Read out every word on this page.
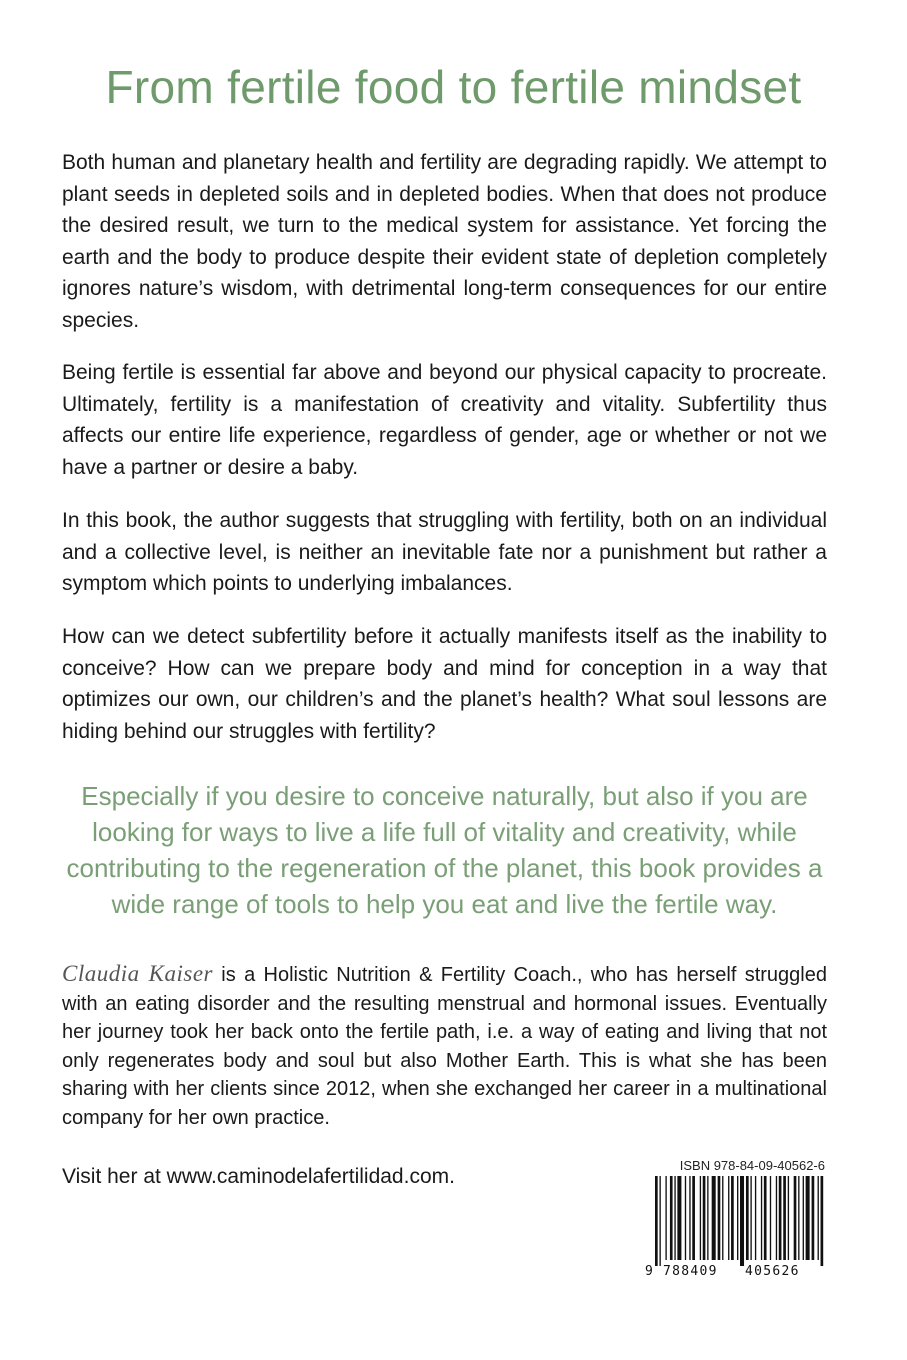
From fertile food to fertile mindset

Both human and planetary health and fertility are degrading rapidly. We attempt to plant seeds in depleted soils and in depleted bodies. When that does not produce the desired result, we turn to the medical system for assistance. Yet forcing the earth and the body to produce despite their evident state of depletion completely ignores nature’s wisdom, with detrimental long-term consequences for our entire species.

Being fertile is essential far above and beyond our physical capacity to procreate. Ultimately, fertility is a manifestation of creativity and vitality. Subfertility thus affects our entire life experience, regardless of gender, age or whether or not we have a partner or desire a baby.

In this book, the author suggests that struggling with fertility, both on an individual and a collective level, is neither an inevitable fate nor a punishment but rather a symptom which points to underlying imbalances.

How can we detect subfertility before it actually manifests itself as the inability to conceive? How can we prepare body and mind for conception in a way that optimizes our own, our children’s and the planet’s health? What soul lessons are hiding behind our struggles with fertility?

Especially if you desire to conceive naturally, but also if you are looking for ways to live a life full of vitality and creativity, while contributing to the regeneration of the planet, this book provides a wide range of tools to help you eat and live the fertile way.

Claudia Kaiser is a Holistic Nutrition & Fertility Coach., who has herself struggled with an eating disorder and the resulting menstrual and hormonal issues. Eventually her journey took her back onto the fertile path, i.e. a way of eating and living that not only regenerates body and soul but also Mother Earth. This is what she has been sharing with her clients since 2012, when she exchanged her career in a multinational company for her own practice.

Visit her at www.caminodelafertilidad.com.	ISBN 978-84-09-40562-6
9 788409 405626
